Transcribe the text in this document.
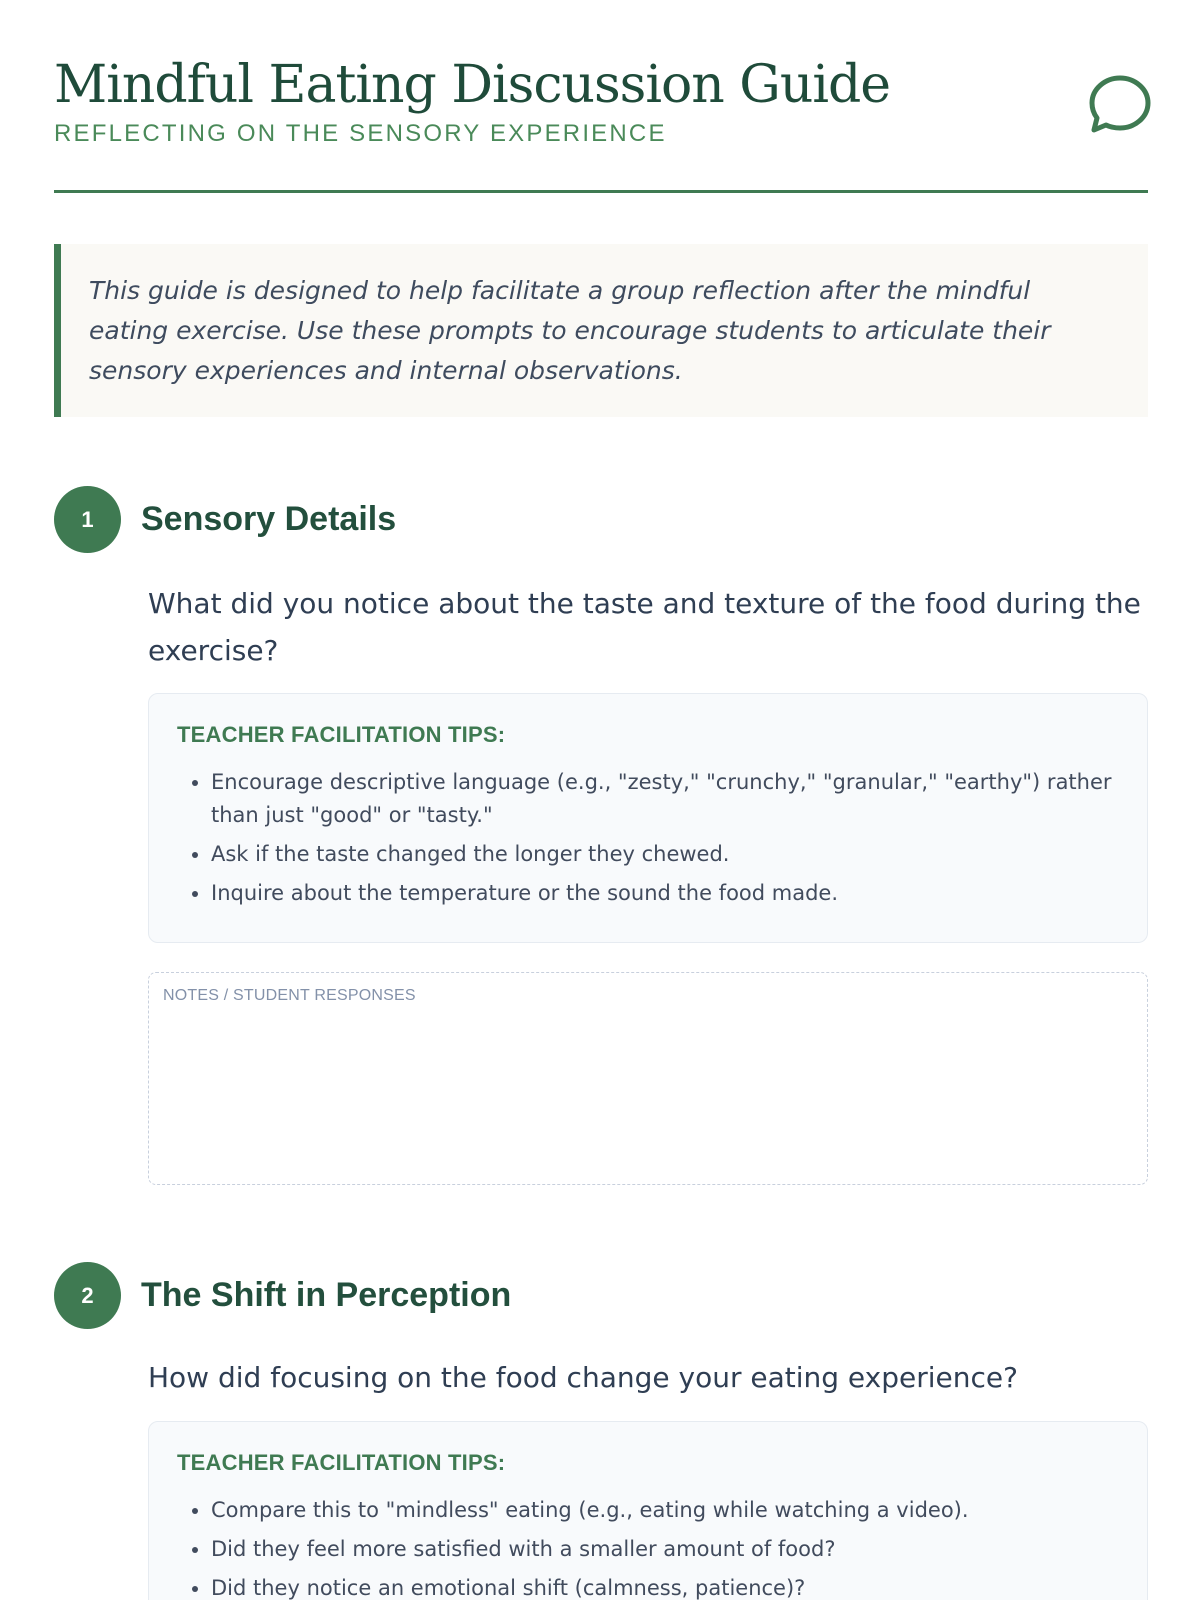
Mindful Eating Discussion Guide

REFLECTING ON THE SENSORY EXPERIENCE

This guide is designed to help facilitate a group reflection after the mindful eating exercise. Use these prompts to encourage students to articulate their sensory experiences and internal observations.
1	Sensory Details

What did you notice about the taste and texture of the food during the exercise?

TEACHER FACILITATION TIPS:

• Encourage descriptive language (e.g., "zesty," "crunchy," "granular," "earthy") rather than just "good" or "tasty."
• Ask if the taste changed the longer they chewed.
• Inquire about the temperature or the sound the food made.
NOTES / STUDENT RESPONSES
2	The Shift in Perception

How did focusing on the food change your eating experience?

TEACHER FACILITATION TIPS:

• Compare this to "mindless" eating (e.g., eating while watching a video).
• Did they feel more satisfied with a smaller amount of food?
• Did they notice an emotional shift (calmness, patience)?
